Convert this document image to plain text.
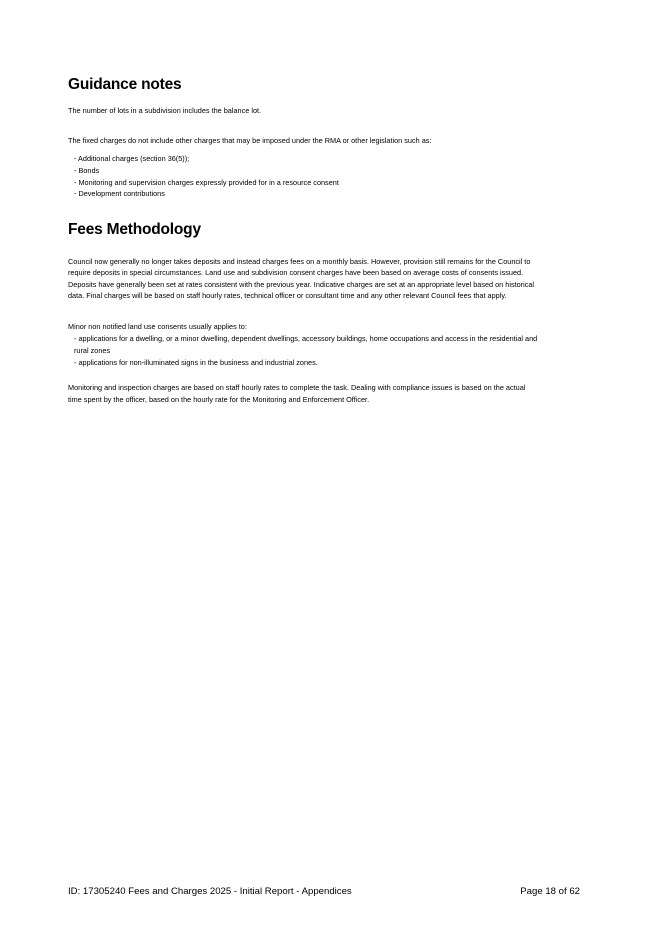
Guidance notes

The number of lots in a subdivision includes the balance lot.

The fixed charges do not include other charges that may be imposed under the RMA or other legislation such as:

- Additional charges (section 36(5));

- Bonds

- Monitoring and supervision charges expressly provided for in a resource consent

- Development contributions

Fees Methodology

Council now generally no longer takes deposits and instead charges fees on a monthly basis. However, provision still remains for the Council to

require deposits in special circumstances. Land use and subdivision consent charges have been based on average costs of consents issued.

Deposits have generally been set at rates consistent with the previous year. Indicative charges are set at an appropriate level based on historical

data. Final charges will be based on staff hourly rates, technical officer or consultant time and any other relevant Council fees that apply.

Minor non notified land use consents usually applies to:

- applications for a dwelling, or a minor dwelling, dependent dwellings, accessory buildings, home occupations and access in the residential and

rural zones

- applications for non-illuminated signs in the business and industrial zones.

Monitoring and inspection charges are based on staff hourly rates to complete the task. Dealing with compliance issues is based on the actual

time spent by the officer, based on the hourly rate for the Monitoring and Enforcement Officer.

ID: 17305240 Fees and Charges 2025 - Initial Report - Appendices	Page 18 of 62
